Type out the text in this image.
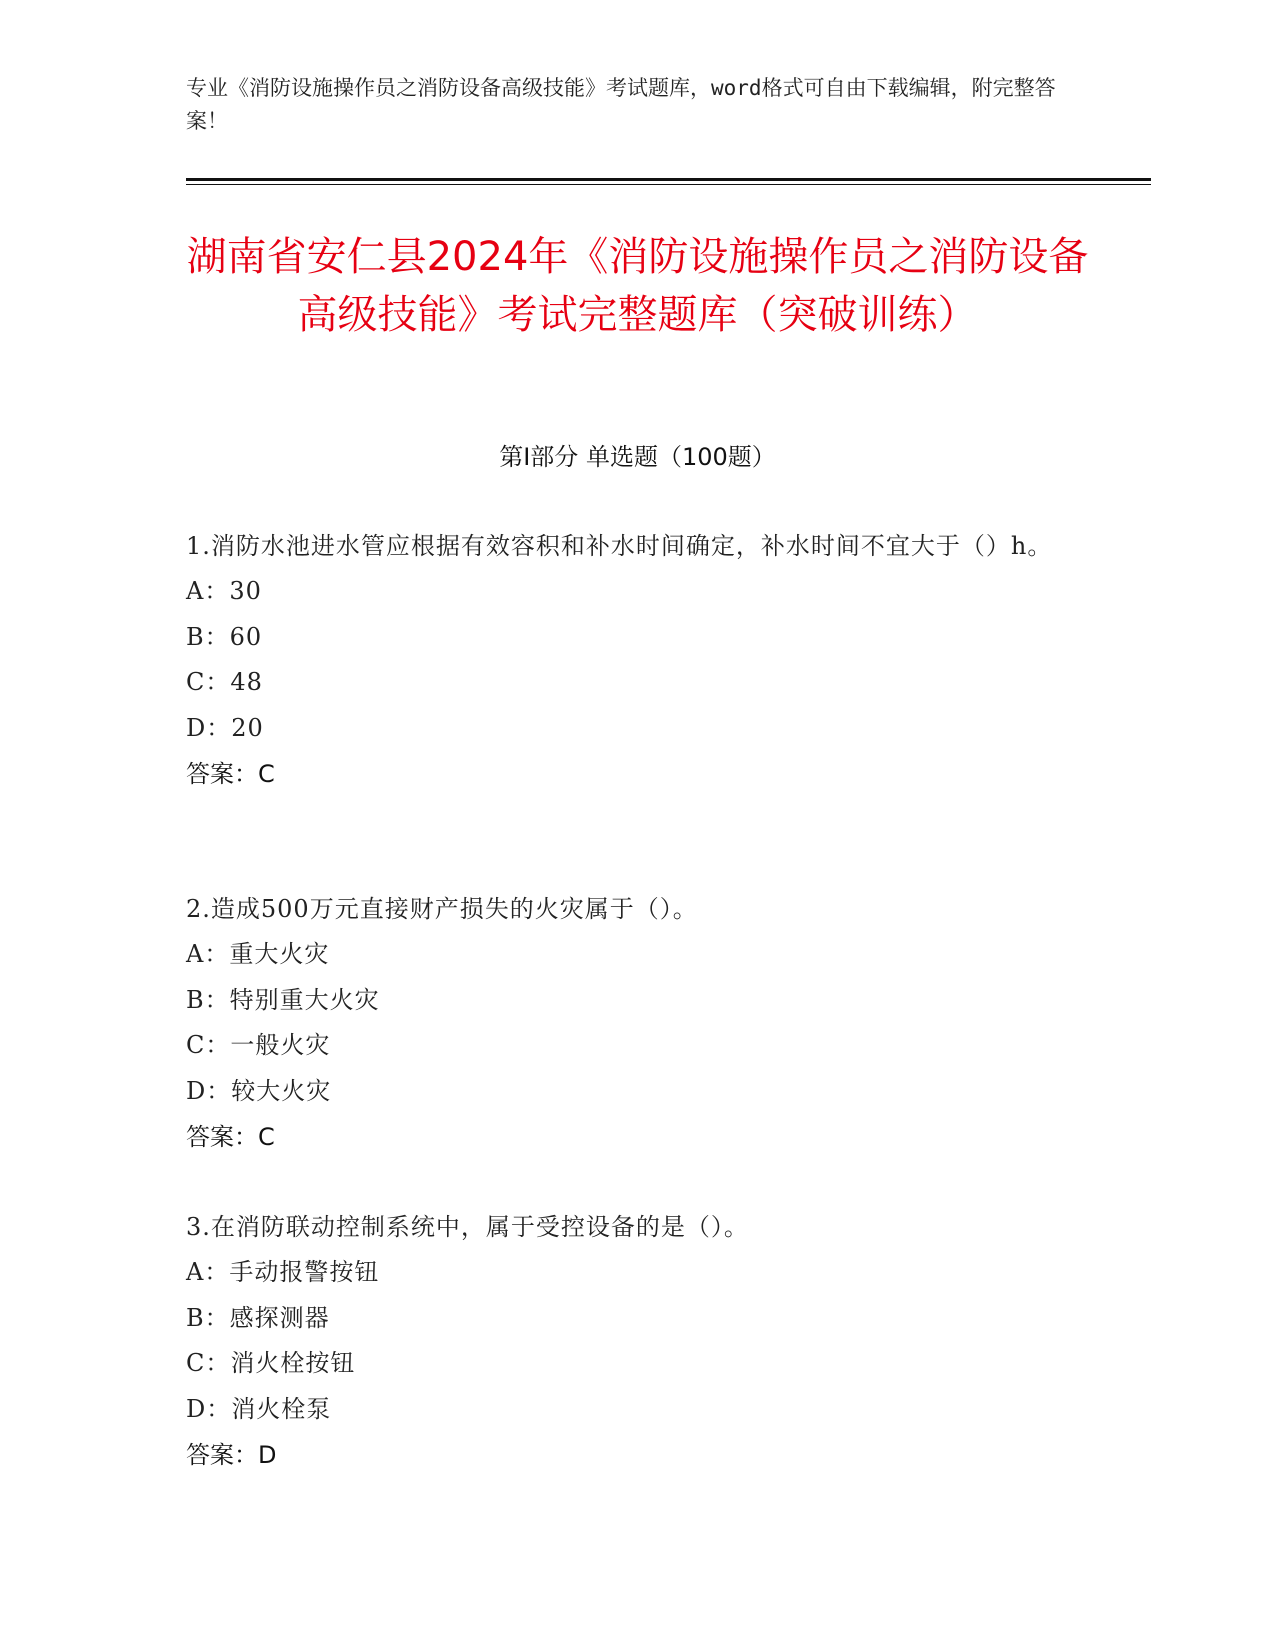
专业《消防设施操作员之消防设备高级技能》考试题库，word格式可自由下载编辑，附完整答案！
湖南省安仁县2024年《消防设施操作员之消防设备高级技能》考试完整题库（突破训练）
第Ⅰ部分 单选题（100题）
1.消防水池进水管应根据有效容积和补水时间确定，补水时间不宜大于（）h。
A：30
B：60
C：48
D：20
答案：C
2.造成500万元直接财产损失的火灾属于（）。
A：重大火灾
B：特别重大火灾
C：一般火灾
D：较大火灾
答案：C
3.在消防联动控制系统中，属于受控设备的是（）。
A：手动报警按钮
B：感探测器
C：消火栓按钮
D：消火栓泵
答案：D
